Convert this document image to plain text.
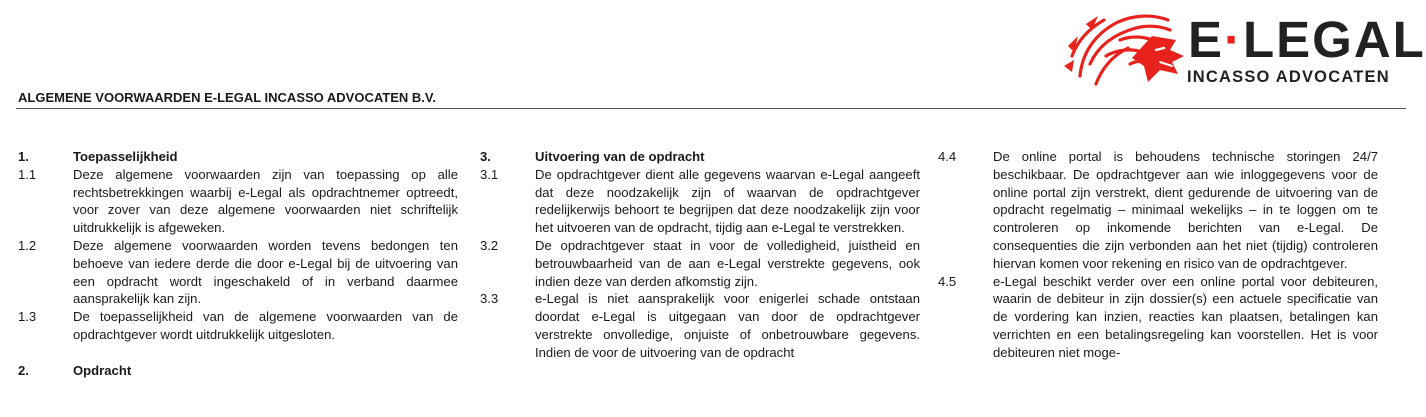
E·LEGAL
INCASSO ADVOCATEN
ALGEMENE VOORWAARDEN E-LEGAL INCASSO ADVOCATEN B.V.
1.	Toepasselijkheid
1.1	Deze algemene voorwaarden zijn van toepassing op alle rechtsbetrekkingen waarbij e-Legal als opdrachtnemer optreedt, voor zover van deze algemene voorwaarden niet schriftelijk uitdrukkelijk is afgeweken.
1.2	Deze algemene voorwaarden worden tevens bedongen ten behoeve van iedere derde die door e-Legal bij de uitvoering van een opdracht wordt ingeschakeld of in verband daarmee aansprakelijk kan zijn.
1.3	De toepasselijkheid van de algemene voorwaarden van de opdrachtgever wordt uitdrukkelijk uitgesloten.
2.	Opdracht
3.	Uitvoering van de opdracht
3.1	De opdrachtgever dient alle gegevens waarvan e-Legal aangeeft dat deze noodzakelijk zijn of waarvan de opdrachtgever redelijkerwijs behoort te begrijpen dat deze noodzakelijk zijn voor het uitvoeren van de opdracht, tijdig aan e-Legal te verstrekken.
3.2	De opdrachtgever staat in voor de volledigheid, juistheid en betrouwbaarheid van de aan e-Legal verstrekte gegevens, ook indien deze van derden afkomstig zijn.
3.3	e-Legal is niet aansprakelijk voor enigerlei schade ontstaan doordat e-Legal is uitgegaan van door de opdrachtgever verstrekte onvolledige, onjuiste of onbetrouwbare gegevens. Indien de voor de uitvoering van de opdracht
4.4	De online portal is behoudens technische storingen 24/7 beschikbaar. De opdrachtgever aan wie inloggegevens voor de online portal zijn verstrekt, dient gedurende de uitvoering van de opdracht regelmatig – minimaal wekelijks – in te loggen om te controleren op inkomende berichten van e-Legal. De consequenties die zijn verbonden aan het niet (tijdig) controleren hiervan komen voor rekening en risico van de opdrachtgever.
4.5	e-Legal beschikt verder over een online portal voor debiteuren, waarin de debiteur in zijn dossier(s) een actuele specificatie van de vordering kan inzien, reacties kan plaatsen, betalingen kan verrichten en een betalingsregeling kan voorstellen. Het is voor debiteuren niet moge-
